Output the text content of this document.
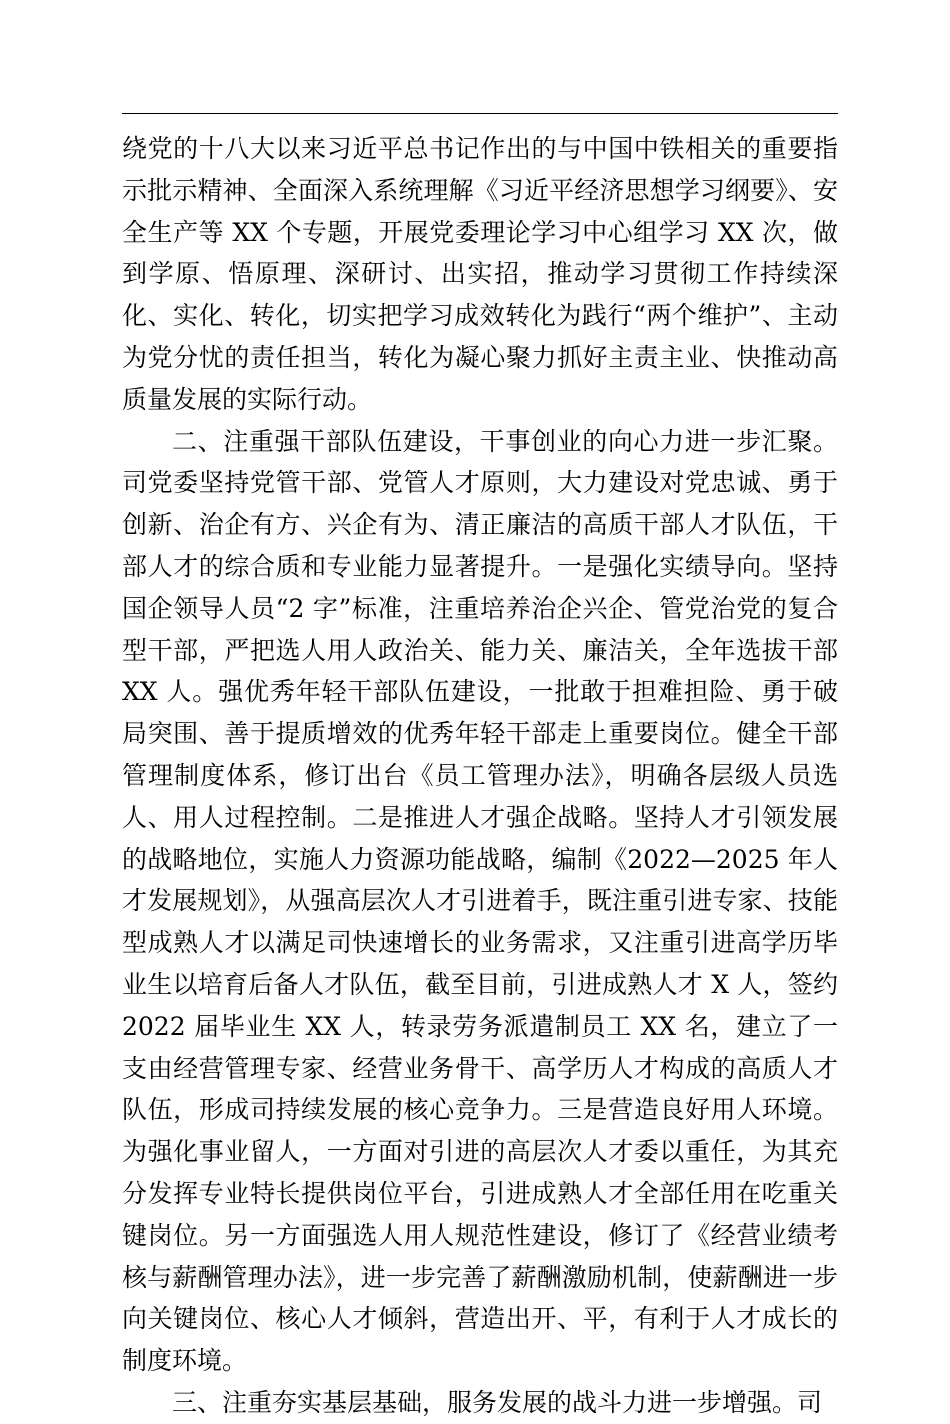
绕党的十八大以来习近平总书记作出的与中国中铁相关的重要指示批示精神、全面深入系统理解《习近平经济思想学习纲要》、安全生产等 XX 个专题，开展党委理论学习中心组学习 XX 次，做到学原、悟原理、深研讨、出实招，推动学习贯彻工作持续深化、实化、转化，切实把学习成效转化为践行“两个维护”、主动为党分忧的责任担当，转化为凝心聚力抓好主责主业、快推动高质量发展的实际行动。

二、注重强干部队伍建设，干事创业的向心力进一步汇聚。司党委坚持党管干部、党管人才原则，大力建设对党忠诚、勇于创新、治企有方、兴企有为、清正廉洁的高质干部人才队伍，干部人才的综合质和专业能力显著提升。一是强化实绩导向。坚持国企领导人员“2 字”标准，注重培养治企兴企、管党治党的复合型干部，严把选人用人政治关、能力关、廉洁关，全年选拔干部 XX 人。强优秀年轻干部队伍建设，一批敢于担难担险、勇于破局突围、善于提质增效的优秀年轻干部走上重要岗位。健全干部管理制度体系，修订出台《员工管理办法》，明确各层级人员选人、用人过程控制。二是推进人才强企战略。坚持人才引领发展的战略地位，实施人力资源功能战略，编制《2022—2025 年人才发展规划》，从强高层次人才引进着手，既注重引进专家、技能型成熟人才以满足司快速增长的业务需求，又注重引进高学历毕业生以培育后备人才队伍，截至目前，引进成熟人才 X 人，签约 2022 届毕业生 XX 人，转录劳务派遣制员工 XX 名，建立了一支由经营管理专家、经营业务骨干、高学历人才构成的高质人才队伍，形成司持续发展的核心竞争力。三是营造良好用人环境。为强化事业留人，一方面对引进的高层次人才委以重任，为其充分发挥专业特长提供岗位平台，引进成熟人才全部任用在吃重关键岗位。另一方面强选人用人规范性建设，修订了《经营业绩考核与薪酬管理办法》，进一步完善了薪酬激励机制，使薪酬进一步向关键岗位、核心人才倾斜，营造出开、平，有利于人才成长的制度环境。

三、注重夯实基层基础，服务发展的战斗力进一步增强。司
